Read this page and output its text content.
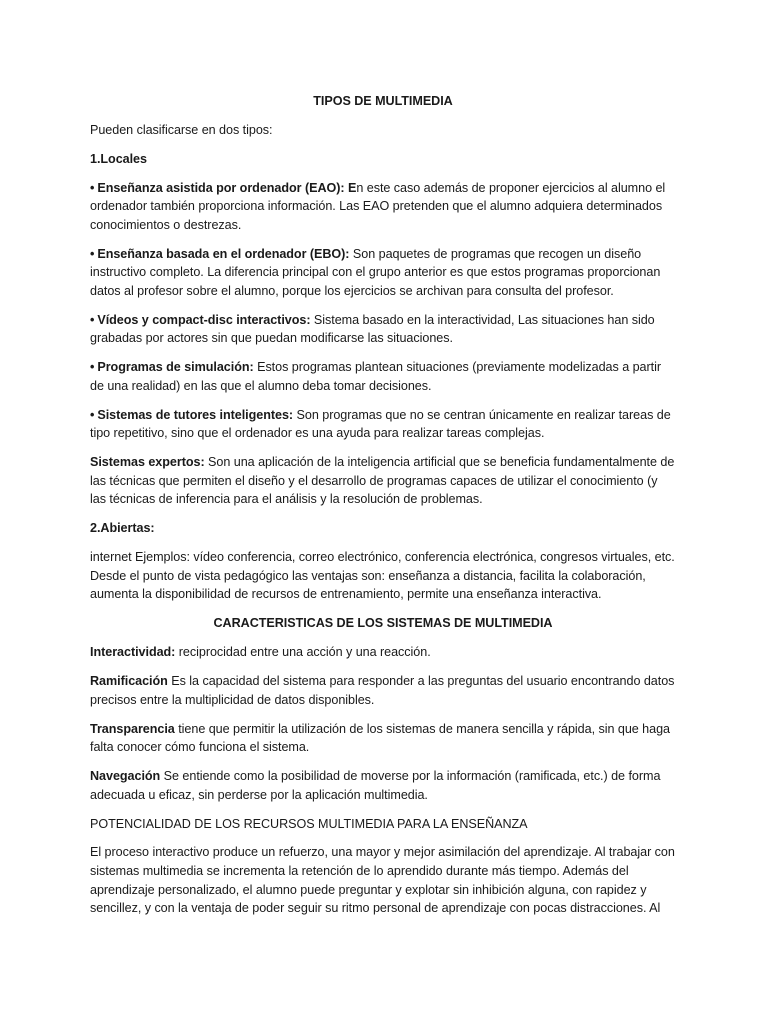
TIPOS DE MULTIMEDIA

Pueden clasificarse en dos tipos:

1.Locales

• Enseñanza asistida por ordenador (EAO): En este caso además de proponer ejercicios al alumno el ordenador también proporciona información. Las EAO pretenden que el alumno adquiera determinados conocimientos o destrezas.

• Enseñanza basada en el ordenador (EBO): Son paquetes de programas que recogen un diseño instructivo completo. La diferencia principal con el grupo anterior es que estos programas proporcionan datos al profesor sobre el alumno, porque los ejercicios se archivan para consulta del profesor.

• Vídeos y compact-disc interactivos: Sistema basado en la interactividad, Las situaciones han sido grabadas por actores sin que puedan modificarse las situaciones.

• Programas de simulación: Estos programas plantean situaciones (previamente modelizadas a partir de una realidad) en las que el alumno deba tomar decisiones.

• Sistemas de tutores inteligentes: Son programas que no se centran únicamente en realizar tareas de tipo repetitivo, sino que el ordenador es una ayuda para realizar tareas complejas.

Sistemas expertos: Son una aplicación de la inteligencia artificial que se beneficia fundamentalmente de las técnicas que permiten el diseño y el desarrollo de programas capaces de utilizar el conocimiento (y las técnicas de inferencia para el análisis y la resolución de problemas.

2.Abiertas:

internet Ejemplos: vídeo conferencia, correo electrónico, conferencia electrónica, congresos virtuales, etc. Desde el punto de vista pedagógico las ventajas son: enseñanza a distancia, facilita la colaboración, aumenta la disponibilidad de recursos de entrenamiento, permite una enseñanza interactiva.

CARACTERISTICAS DE LOS SISTEMAS DE MULTIMEDIA

Interactividad: reciprocidad entre una acción y una reacción.

Ramificación Es la capacidad del sistema para responder a las preguntas del usuario encontrando datos precisos entre la multiplicidad de datos disponibles.

Transparencia tiene que permitir la utilización de los sistemas de manera sencilla y rápida, sin que haga falta conocer cómo funciona el sistema.

Navegación Se entiende como la posibilidad de moverse por la información (ramificada, etc.) de forma adecuada u eficaz, sin perderse por la aplicación multimedia.

POTENCIALIDAD DE LOS RECURSOS MULTIMEDIA PARA LA ENSEÑANZA

El proceso interactivo produce un refuerzo, una mayor y mejor asimilación del aprendizaje. Al trabajar con sistemas multimedia se incrementa la retención de lo aprendido durante más tiempo. Además del aprendizaje personalizado, el alumno puede preguntar y explotar sin inhibición alguna, con rapidez y sencillez, y con la ventaja de poder seguir su ritmo personal de aprendizaje con pocas distracciones. Al
